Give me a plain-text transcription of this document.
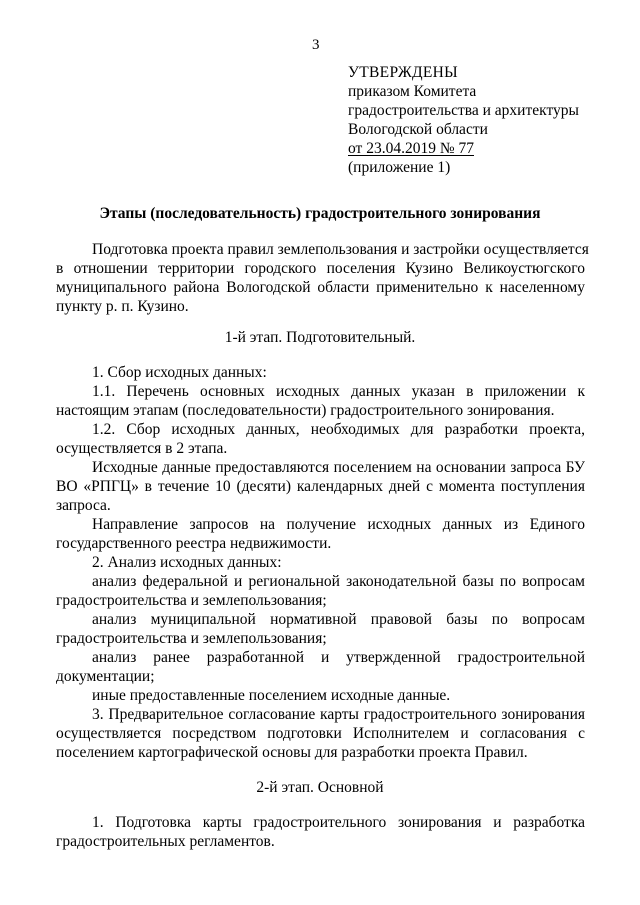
3
УТВЕРЖДЕНЫ
приказом Комитета
градостроительства и архитектуры
Вологодской области
от 23.04.2019 № 77
(приложение 1)
Этапы (последовательность) градостроительного зонирования
Подготовка проекта правил землепользования и застройки осуществляется
в отношении территории городского поселения Кузино Великоустюгского
муниципального района Вологодской области применительно к населенному
пункту р. п. Кузино.
1-й этап. Подготовительный.
1. Сбор исходных данных:
1.1. Перечень основных исходных данных указан в приложении к
настоящим этапам (последовательности) градостроительного зонирования.
1.2. Сбор исходных данных, необходимых для разработки проекта,
осуществляется в 2 этапа.
Исходные данные предоставляются поселением на основании запроса БУ
ВО «РПГЦ» в течение 10 (десяти) календарных дней с момента поступления
запроса.
Направление запросов на получение исходных данных из Единого
государственного реестра недвижимости.
2. Анализ исходных данных:
анализ федеральной и региональной законодательной базы по вопросам
градостроительства и землепользования;
анализ муниципальной нормативной правовой базы по вопросам
градостроительства и землепользования;
анализ ранее разработанной и утвержденной градостроительной
документации;
иные предоставленные поселением исходные данные.
3. Предварительное согласование карты градостроительного зонирования
осуществляется посредством подготовки Исполнителем и согласования с
поселением картографической основы для разработки проекта Правил.
2-й этап. Основной
1. Подготовка карты градостроительного зонирования и разработка
градостроительных регламентов.
